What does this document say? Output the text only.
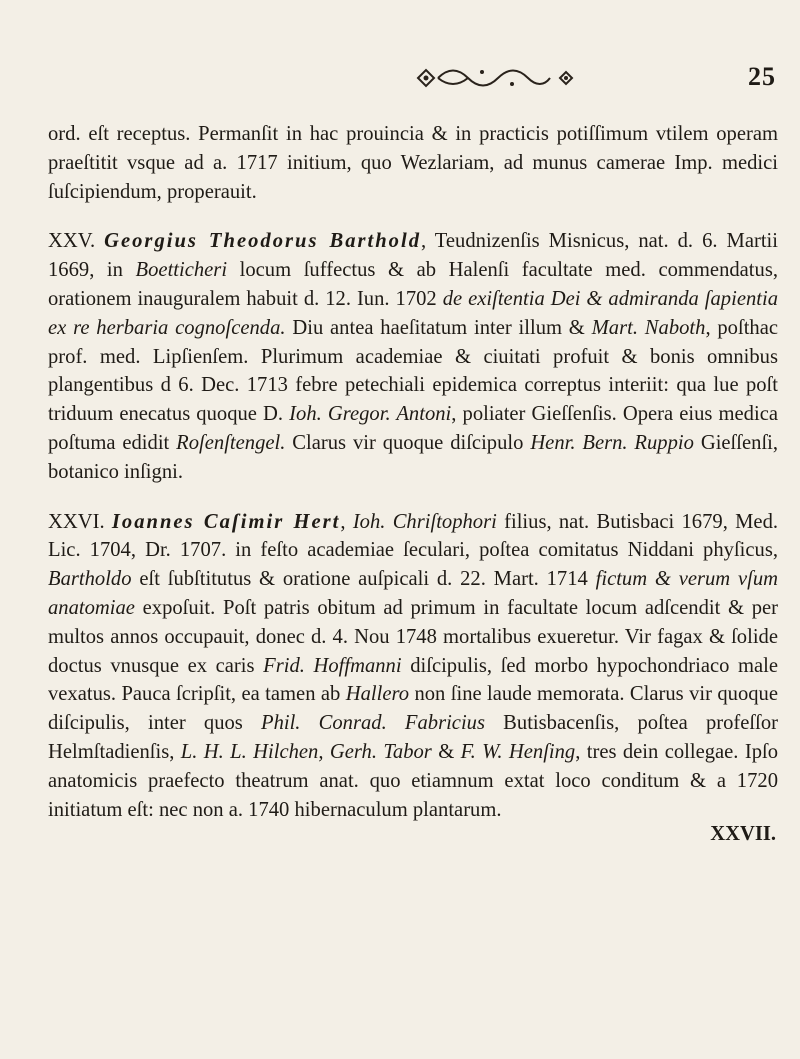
25

ord. eſt receptus. Permanſit in hac prouincia & in practicis potiſſimum vtilem operam praeſtitit vsque ad a. 1717 initium, quo Wezlariam, ad munus camerae Imp. medici ſuſcipiendum, properauit.

XXV. Georgius Theodorus Barthold, Teudnizenſis Misnicus, nat. d. 6. Martii 1669, in Boetticheri locum ſuffectus & ab Halenſi facultate med. commendatus, orationem inauguralem habuit d. 12. Iun. 1702 de exiſtentia Dei & admiranda ſapientia ex re herbaria cognoſcenda. Diu antea haeſitatum inter illum & Mart. Naboth, poſthac prof. med. Lipſienſem. Plurimum academiae & ciuitati profuit & bonis omnibus plangentibus d 6. Dec. 1713 febre petechiali epidemica correptus interiit: qua lue poſt triduum enecatus quoque D. Ioh. Gregor. Antoni, poliater Gieſſenſis. Opera eius medica poſtuma edidit Roſenſtengel. Clarus vir quoque diſcipulo Henr. Bern. Ruppio Gieſſenſi, botanico inſigni.

XXVI. Ioannes Caſimir Hert, Ioh. Chriſtophori filius, nat. Butisbaci 1679, Med. Lic. 1704, Dr. 1707. in feſto academiae ſeculari, poſtea comitatus Niddani phyſicus, Bartholdo eſt ſubſtitutus & oratione auſpicali d. 22. Mart. 1714 fictum & verum vſum anatomiae expoſuit. Poſt patris obitum ad primum in facultate locum adſcendit & per multos annos occupauit, donec d. 4. Nou 1748 mortalibus exueretur. Vir fagax & ſolide doctus vnusque ex caris Frid. Hoffmanni diſcipulis, ſed morbo hypochondriaco male vexatus. Pauca ſcripſit, ea tamen ab Hallero non ſine laude memorata. Clarus vir quoque diſcipulis, inter quos Phil. Conrad. Fabricius Butisbacenſis, poſtea profeſſor Helmſtadienſis, L. H. L. Hilchen, Gerh. Tabor & F. W. Henſing, tres dein collegae. Ipſo anatomicis praefecto theatrum anat. quo etiamnum extat loco conditum & a 1720 initiatum eſt: nec non a. 1740 hibernaculum plantarum.
XXVII.
